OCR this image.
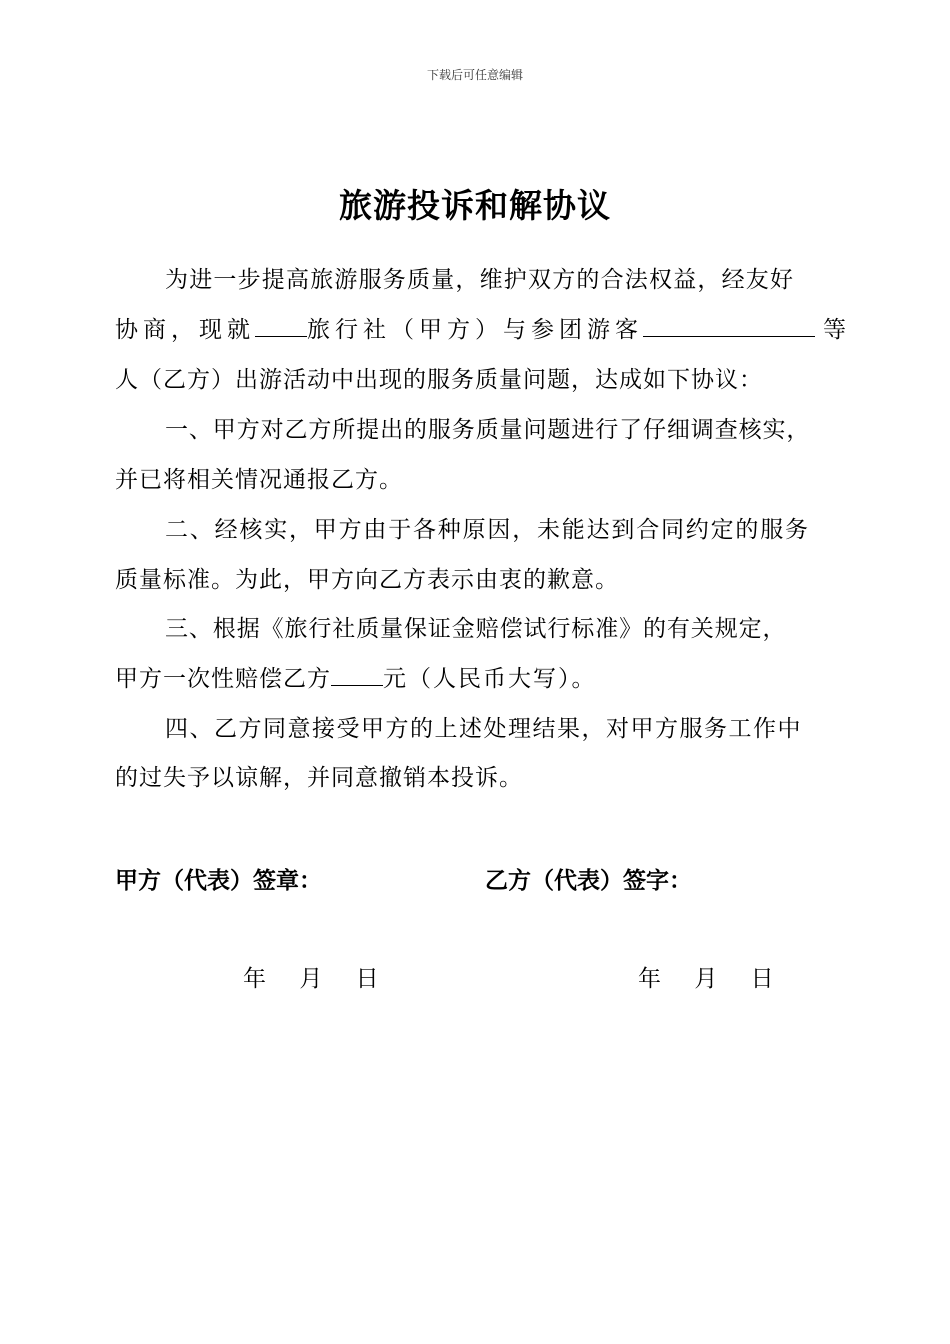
下载后可任意编辑
旅游投诉和解协议
为进一步提高旅游服务质量，维护双方的合法权益，经友好
协商，现就 旅行社（甲方）与参团游客	等
人（乙方）出游活动中出现的服务质量问题，达成如下协议：
一、甲方对乙方所提出的服务质量问题进行了仔细调查核实，
并已将相关情况通报乙方。
二、经核实，甲方由于各种原因，未能达到合同约定的服务
质量标准。为此，甲方向乙方表示由衷的歉意。
三、根据《旅行社质量保证金赔偿试行标准》的有关规定，
甲方一次性赔偿乙方 元（人民币大写）。
四、乙方同意接受甲方的上述处理结果，对甲方服务工作中
的过失予以谅解，并同意撤销本投诉。
甲方（代表）签章：	乙方（代表）签字：
年 月 日	年 月 日
